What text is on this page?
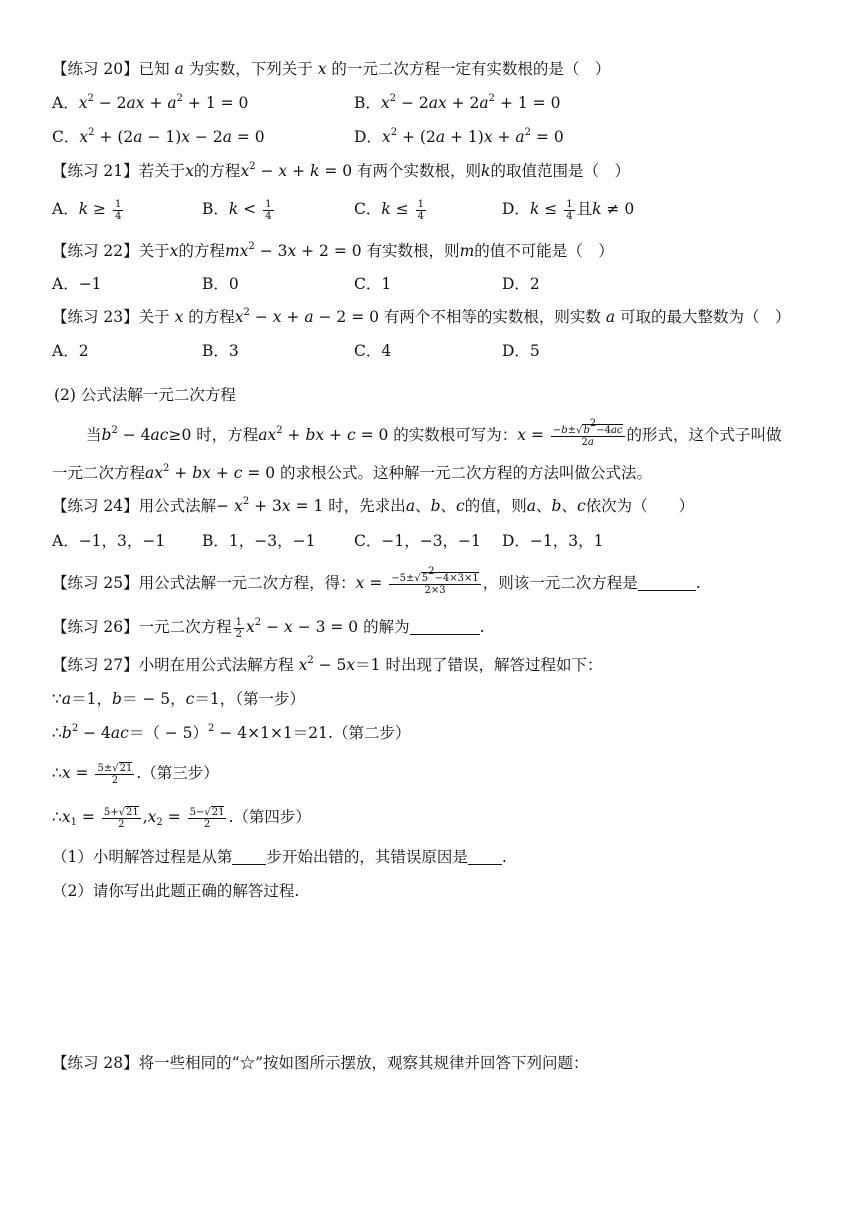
【练习 20】已知 a 为实数，下列关于 x 的一元二次方程一定有实数根的是（　）
A．$x^2 - 2ax + a^2 + 1 = 0$	B．$x^2 - 2ax + 2a^2 + 1 = 0$
C．$x^2 + (2a - 1)x - 2a = 0$	D．$x^2 + (2a + 1)x + a^2 = 0$
【练习 21】若关于x的方程$x^2 - x + k = 0$ 有两个实数根，则k的取值范围是（　）
A．$k \ge \frac{1}{4}$	B．$k < \frac{1}{4}$	C．$k \le \frac{1}{4}$	D．$k \le \frac{1}{4}$ 且k ≠ 0
【练习 22】关于x的方程$mx^2 - 3x + 2 = 0$ 有实数根，则m的值不可能是（　）
A．−1	B．0	C．1	D．2
【练习 23】关于 x 的方程$x^2 - x + a - 2 = 0$ 有两个不相等的实数根，则实数 a 可取的最大整数为（　）
A．2	B．3	C．4	D．5
(2) 公式法解一元二次方程
当$b^2 - 4ac\ge 0$ 时，方程$ax^2$ + bx + c = 0 的实数根可写为：$x = \frac{-b\pm√b^2-4ac}{2a}$ 的形式，这个式子叫做
一元二次方程$ax^2$ + bx + c = 0 的求根公式。这种解一元二次方程的方法叫做公式法。
【练习 24】用公式法解− $x^2 + 3x = 1$ 时，先求出a、b、c的值，则a、b、c依次为（　　）
A．−1，3，−1 B．1，−3，−1 C．−1，−3，−1 D．−1，3，1
【练习 25】用公式法解一元二次方程，得：$x = \frac{-5\pm√5^2-4\times 3\times 1}{2\times 3}$ ，则该一元二次方程是	.
【练习 26】一元二次方程 $\frac{1}{2} x^2 - x - 3 = 0$ 的解为	.
【练习 27】小明在用公式法解方程 $x^2 - 5x=1$ 时出现了错误，解答过程如下：
∵a＝1，b＝ − 5，c＝1，（第一步）
$\therefore b^2 - 4ac=( - 5)^2 - 4\times 1\times 1=21$.（第二步）
∴x = $\frac{5\pm√21}{2}$ .（第三步）
$\therefore x_1 = \frac{5+√21}{2} ,x_2 = \frac{5-√21}{2}$ .（第四步）
（1）小明解答过程是从第 步开始出错的，其错误原因是 .
（2）请你写出此题正确的解答过程.
【练习 28】将一些相同的“☆”按如图所示摆放，观察其规律并回答下列问题：
